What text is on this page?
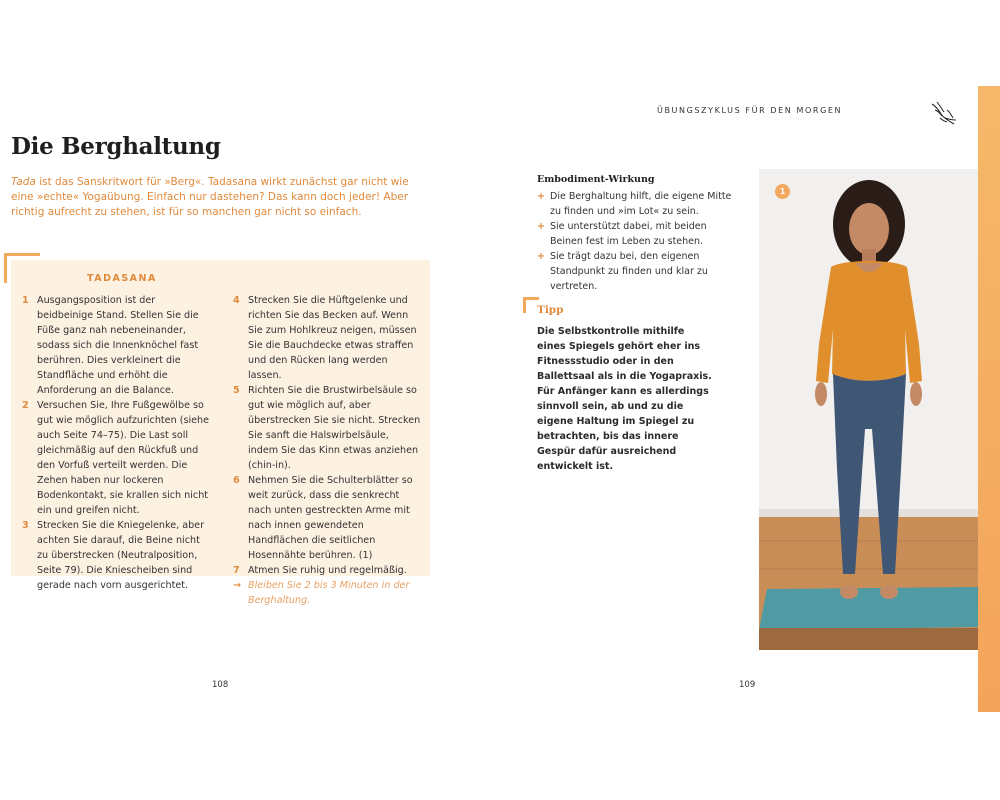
Die Berghaltung

Tada ist das Sanskritwort für »Berg«. Tadasana wirkt zunächst gar nicht wie eine »echte« Yogaübung. Einfach nur dastehen? Das kann doch jeder! Aber richtig aufrecht zu stehen, ist für so manchen gar nicht so einfach.

TADASANA

1 Ausgangsposition ist der beidbeinige Stand. Stellen Sie die Füße ganz nah nebeneinander, sodass sich die Innenknöchel fast berühren. Dies verkleinert die Standfläche und erhöht die Anforderung an die Balance.
2 Versuchen Sie, Ihre Fußgewölbe so gut wie möglich aufzurichten (siehe auch Seite 74–75). Die Last soll gleichmäßig auf den Rückfuß und den Vorfuß verteilt werden. Die Zehen haben nur lockeren Bodenkontakt, sie krallen sich nicht ein und greifen nicht.
3 Strecken Sie die Kniegelenke, aber achten Sie darauf, die Beine nicht zu überstrecken (Neutralposition, Seite 79). Die Kniescheiben sind gerade nach vorn ausgerichtet.
4 Strecken Sie die Hüftgelenke und richten Sie das Becken auf. Wenn Sie zum Hohlkreuz neigen, müssen Sie die Bauchdecke etwas straffen und den Rücken lang werden lassen.
5 Richten Sie die Brustwirbelsäule so gut wie möglich auf, aber überstrecken Sie sie nicht. Strecken Sie sanft die Halswirbelsäule, indem Sie das Kinn etwas anziehen (chin-in).
6 Nehmen Sie die Schulterblätter so weit zurück, dass die senkrecht nach unten gestreckten Arme mit nach innen gewendeten Handflächen die seitlichen Hosennähte berühren. (1)
7 Atmen Sie ruhig und regelmäßig.
→ Bleiben Sie 2 bis 3 Minuten in der Berghaltung.
108

ÜBUNGSZYKLUS FÜR DEN MORGEN

Embodiment-Wirkung

+ Die Berghaltung hilft, die eigene Mitte zu finden und »im Lot« zu sein.
+ Sie unterstützt dabei, mit beiden Beinen fest im Leben zu stehen.
+ Sie trägt dazu bei, den eigenen Standpunkt zu finden und klar zu vertreten.

Tipp

Die Selbstkontrolle mithilfe eines Spiegels gehört eher ins Fitnessstudio oder in den Ballettsaal als in die Yogapraxis. Für Anfänger kann es allerdings sinnvoll sein, ab und zu die eigene Haltung im Spiegel zu betrachten, bis das innere Gespür dafür ausreichend entwickelt ist.

1
109
